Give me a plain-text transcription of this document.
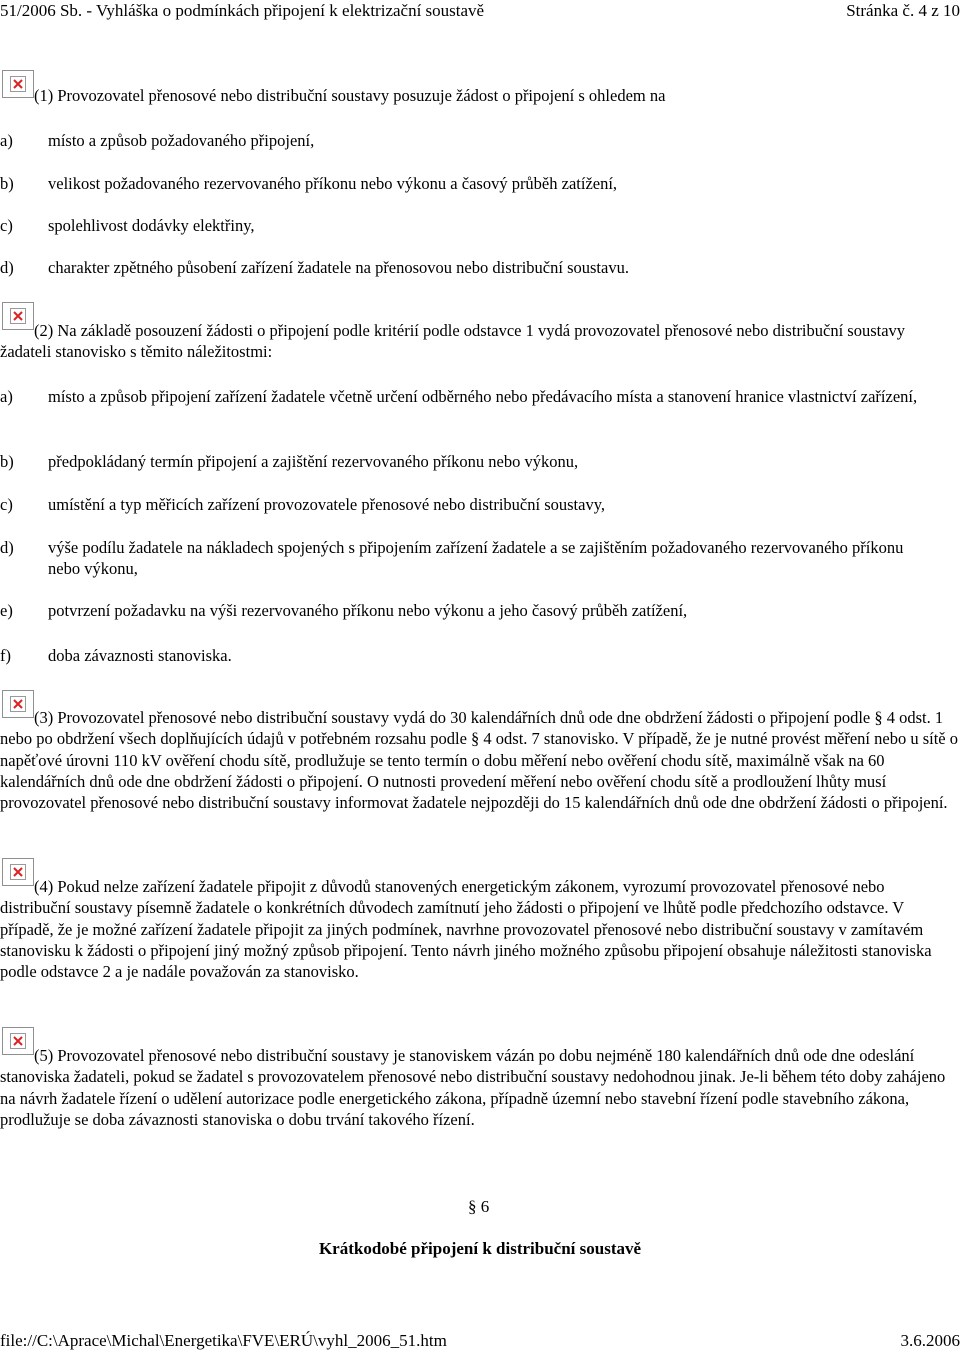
51/2006 Sb. - Vyhláška o podmínkách připojení k elektrizační soustavě	Stránka č. 4 z 10
(1) Provozovatel přenosové nebo distribuční soustavy posuzuje žádost o připojení s ohledem na
a) místo a způsob požadovaného připojení,
b) velikost požadovaného rezervovaného příkonu nebo výkonu a časový průběh zatížení,
c) spolehlivost dodávky elektřiny,
d) charakter zpětného působení zařízení žadatele na přenosovou nebo distribuční soustavu.
(2) Na základě posouzení žádosti o připojení podle kritérií podle odstavce 1 vydá provozovatel přenosové nebo distribuční soustavy žadateli stanovisko s těmito náležitostmi:
a) místo a způsob připojení zařízení žadatele včetně určení odběrného nebo předávacího místa a stanovení hranice vlastnictví zařízení,
b) předpokládaný termín připojení a zajištění rezervovaného příkonu nebo výkonu,
c) umístění a typ měřicích zařízení provozovatele přenosové nebo distribuční soustavy,
d) výše podílu žadatele na nákladech spojených s připojením zařízení žadatele a se zajištěním požadovaného rezervovaného příkonu nebo výkonu,
e) potvrzení požadavku na výši rezervovaného příkonu nebo výkonu a jeho časový průběh zatížení,
f) doba závaznosti stanoviska.
(3) Provozovatel přenosové nebo distribuční soustavy vydá do 30 kalendářních dnů ode dne obdržení žádosti o připojení podle § 4 odst. 1 nebo po obdržení všech doplňujících údajů v potřebném rozsahu podle § 4 odst. 7 stanovisko. V případě, že je nutné provést měření nebo u sítě o napěťové úrovni 110 kV ověření chodu sítě, prodlužuje se tento termín o dobu měření nebo ověření chodu sítě, maximálně však na 60 kalendářních dnů ode dne obdržení žádosti o připojení. O nutnosti provedení měření nebo ověření chodu sítě a prodloužení lhůty musí provozovatel přenosové nebo distribuční soustavy informovat žadatele nejpozději do 15 kalendářních dnů ode dne obdržení žádosti o připojení.
(4) Pokud nelze zařízení žadatele připojit z důvodů stanovených energetickým zákonem, vyrozumí provozovatel přenosové nebo distribuční soustavy písemně žadatele o konkrétních důvodech zamítnutí jeho žádosti o připojení ve lhůtě podle předchozího odstavce. V případě, že je možné zařízení žadatele připojit za jiných podmínek, navrhne provozovatel přenosové nebo distribuční soustavy v zamítavém stanovisku k žádosti o připojení jiný možný způsob připojení. Tento návrh jiného možného způsobu připojení obsahuje náležitosti stanoviska podle odstavce 2 a je nadále považován za stanovisko.
(5) Provozovatel přenosové nebo distribuční soustavy je stanoviskem vázán po dobu nejméně 180 kalendářních dnů ode dne odeslání stanoviska žadateli, pokud se žadatel s provozovatelem přenosové nebo distribuční soustavy nedohodnou jinak. Je-li během této doby zahájeno na návrh žadatele řízení o udělení autorizace podle energetického zákona, případně územní nebo stavební řízení podle stavebního zákona, prodlužuje se doba závaznosti stanoviska o dobu trvání takového řízení.
§ 6
Krátkodobé připojení k distribuční soustavě
file://C:\Aprace\Michal\Energetika\FVE\ERÚ\vyhl_2006_51.htm	3.6.2006
